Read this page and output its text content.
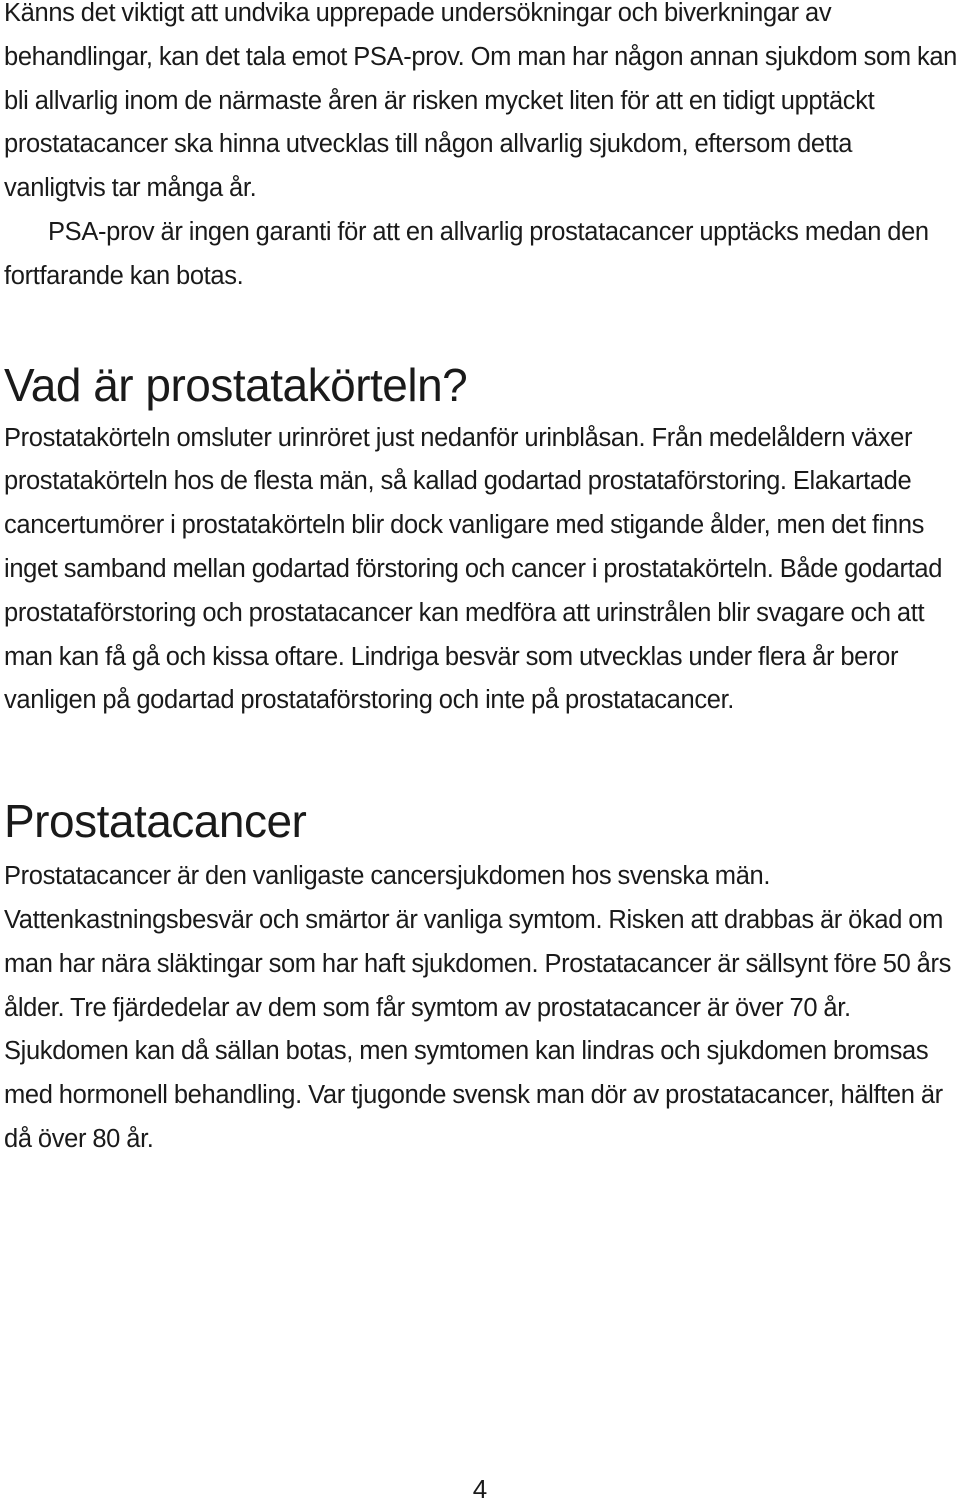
Känns det viktigt att undvika upprepade undersökningar och biverkningar av behandlingar, kan det tala emot PSA-prov. Om man har någon annan sjukdom som kan bli allvarlig inom de närmaste åren är risken mycket liten för att en tidigt upptäckt prostatacancer ska hinna utvecklas till någon allvarlig sjukdom, eftersom detta vanligtvis tar många år.

PSA-prov är ingen garanti för att en allvarlig prostatacancer upptäcks medan den fortfarande kan botas.

Vad är prostatakörteln?

Prostatakörteln omsluter urinröret just nedanför urinblåsan. Från medelåldern växer prostatakörteln hos de flesta män, så kallad godartad prostataförstoring. Elakartade cancertumörer i prostatakörteln blir dock vanligare med stigande ålder, men det finns inget samband mellan godartad förstoring och cancer i prostatakörteln. Både godartad prostataförstoring och prostatacancer kan medföra att urinstrålen blir svagare och att man kan få gå och kissa oftare. Lindriga besvär som utvecklas under flera år beror vanligen på godartad prostataförstoring och inte på prostatacancer.

Prostatacancer

Prostatacancer är den vanligaste cancersjukdomen hos svenska män. Vattenkastningsbesvär och smärtor är vanliga symtom. Risken att drabbas är ökad om man har nära släktingar som har haft sjukdomen. Prostatacancer är sällsynt före 50 års ålder. Tre fjärdedelar av dem som får symtom av prostatacancer är över 70 år. Sjukdomen kan då sällan botas, men symtomen kan lindras och sjukdomen bromsas med hormonell behandling. Var tjugonde svensk man dör av prostatacancer, hälften är då över 80 år.

4
